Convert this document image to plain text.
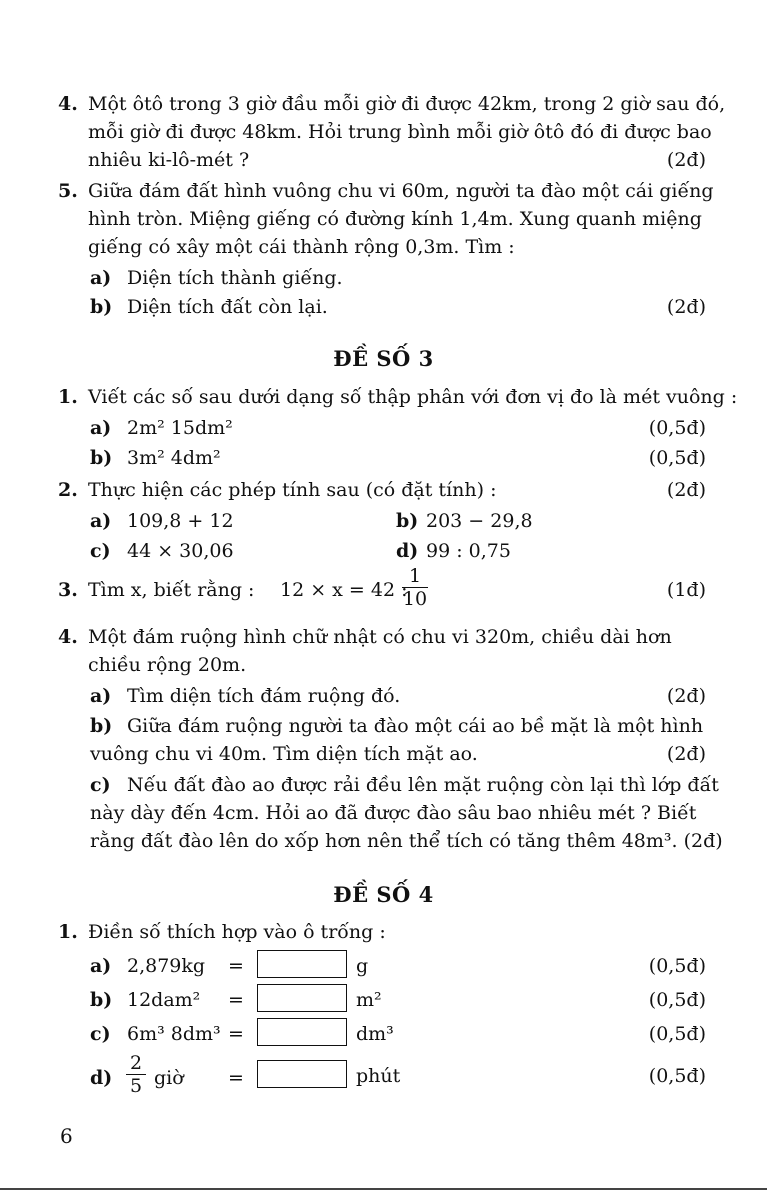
4. Một ôtô trong 3 giờ đầu mỗi giờ đi được 42km, trong 2 giờ sau đó,
mỗi giờ đi được 48km. Hỏi trung bình mỗi giờ ôtô đó đi được bao
nhiêu ki-lô-mét ?	(2đ)
5. Giữa đám đất hình vuông chu vi 60m, người ta đào một cái giếng
hình tròn. Miệng giếng có đường kính 1,4m. Xung quanh miệng
giếng có xây một cái thành rộng 0,3m. Tìm :
a) Diện tích thành giếng.
b) Diện tích đất còn lại.	(2đ)
ĐỀ SỐ 3
1. Viết các số sau dưới dạng số thập phân với đơn vị đo là mét vuông :
a) 2m² 15dm²	(0,5đ)
b) 3m² 4dm²	(0,5đ)
2. Thực hiện các phép tính sau (có đặt tính) :	(2đ)
a) 109,8 + 12	b) 203 − 29,8
c) 44 × 30,06	d) 99 : 0,75
3. Tìm x, biết rằng : 12 × x = 42 :
1
10	(1đ)
4. Một đám ruộng hình chữ nhật có chu vi 320m, chiều dài hơn
chiều rộng 20m.
a) Tìm diện tích đám ruộng đó.	(2đ)
b) Giữa đám ruộng người ta đào một cái ao bề mặt là một hình
vuông chu vi 40m. Tìm diện tích mặt ao.	(2đ)
c) Nếu đất đào ao được rải đều lên mặt ruộng còn lại thì lớp đất
này dày đến 4cm. Hỏi ao đã được đào sâu bao nhiêu mét ? Biết
rằng đất đào lên do xốp hơn nên thể tích có tăng thêm 48m³. (2đ)
ĐỀ SỐ 4
1. Điền số thích hợp vào ô trống :
a) 2,879kg =	g	(0,5đ)
b) 12dam² =	m²	(0,5đ)
c) 6m³ 8dm³ =	dm³	(0,5đ)
d)
2
5 giờ =	phút	(0,5đ)
6
